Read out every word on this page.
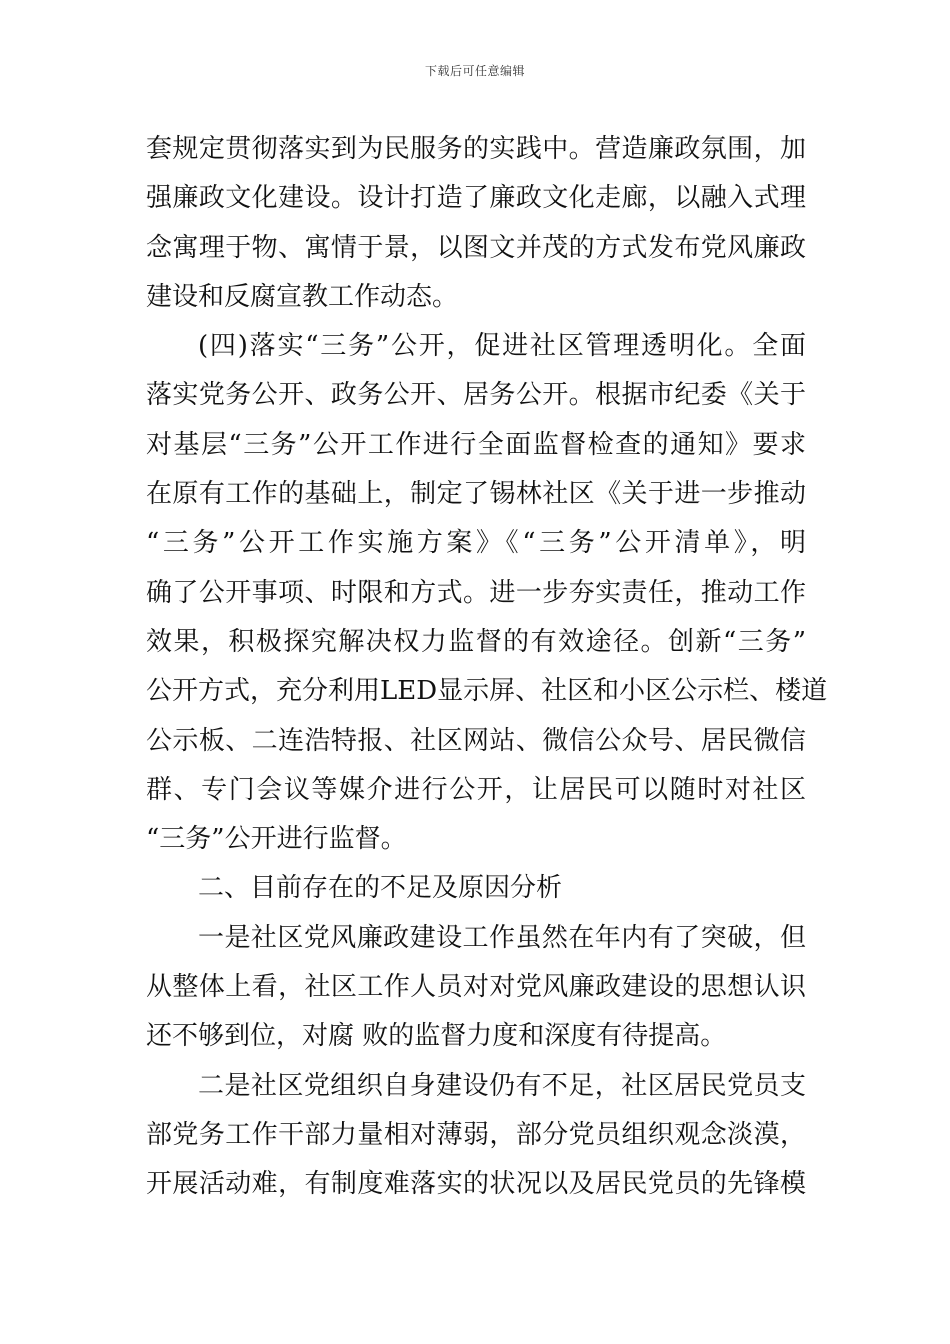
下载后可任意编辑
套规定贯彻落实到为民服务的实践中。营造廉政氛围，加
强廉政文化建设。设计打造了廉政文化走廊，以融入式理
念寓理于物、寓情于景，以图文并茂的方式发布党风廉政
建设和反腐宣教工作动态。
(四)落实“三务”公开，促进社区管理透明化。全面
落实党务公开、政务公开、居务公开。根据市纪委《关于
对基层“三务”公开工作进行全面监督检查的通知》要求
在原有工作的基础上，制定了锡林社区《关于进一步推动
“三务”公开工作实施方案》《“三务”公开清单》，明
确了公开事项、时限和方式。进一步夯实责任，推动工作
效果，积极探究解决权力监督的有效途径。创新“三务”
公开方式，充分利用LED显示屏、社区和小区公示栏、楼道
公示板、二连浩特报、社区网站、微信公众号、居民微信
群、专门会议等媒介进行公开，让居民可以随时对社区
“三务”公开进行监督。
二、目前存在的不足及原因分析
一是社区党风廉政建设工作虽然在年内有了突破，但
从整体上看，社区工作人员对对党风廉政建设的思想认识
还不够到位，对腐 败的监督力度和深度有待提高。
二是社区党组织自身建设仍有不足，社区居民党员支
部党务工作干部力量相对薄弱，部分党员组织观念淡漠，
开展活动难，有制度难落实的状况以及居民党员的先锋模
